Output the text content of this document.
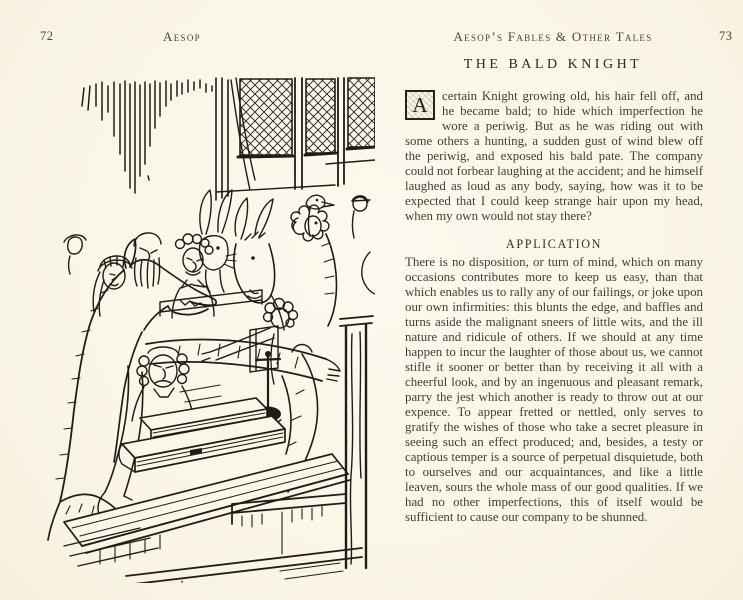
72	Aesop	Aesop’s Fables & Other Tales	73
THE BALD KNIGHT

A	certain Knight growing old, his hair fell off, and he became bald; to hide which imperfection he wore a periwig. But as he was riding out with some others a hunting, a sudden gust of wind blew off the periwig, and exposed his bald pate. The company could not forbear laughing at the accident; and he himself laughed as loud as any body, saying, how was it to be expected that I could keep strange hair upon my head, when my own would not stay there?

APPLICATION

There is no disposition, or turn of mind, which on many occasions contributes more to keep us easy, than that which enables us to rally any of our failings, or joke upon our own infirmities: this blunts the edge, and baffles and turns aside the malignant sneers of little wits, and the ill nature and ridicule of others. If we should at any time happen to incur the laughter of those about us, we cannot stifle it sooner or better than by receiving it all with a cheerful look, and by an ingenuous and pleasant remark, parry the jest which another is ready to throw out at our expence. To appear fretted or nettled, only serves to gratify the wishes of those who take a secret pleasure in seeing such an effect produced; and, besides, a testy or captious temper is a source of perpetual disquietude, both to ourselves and our acquaintances, and like a little leaven, sours the whole mass of our good qualities. If we had no other imperfections, this of itself would be sufficient to cause our company to be shunned.
